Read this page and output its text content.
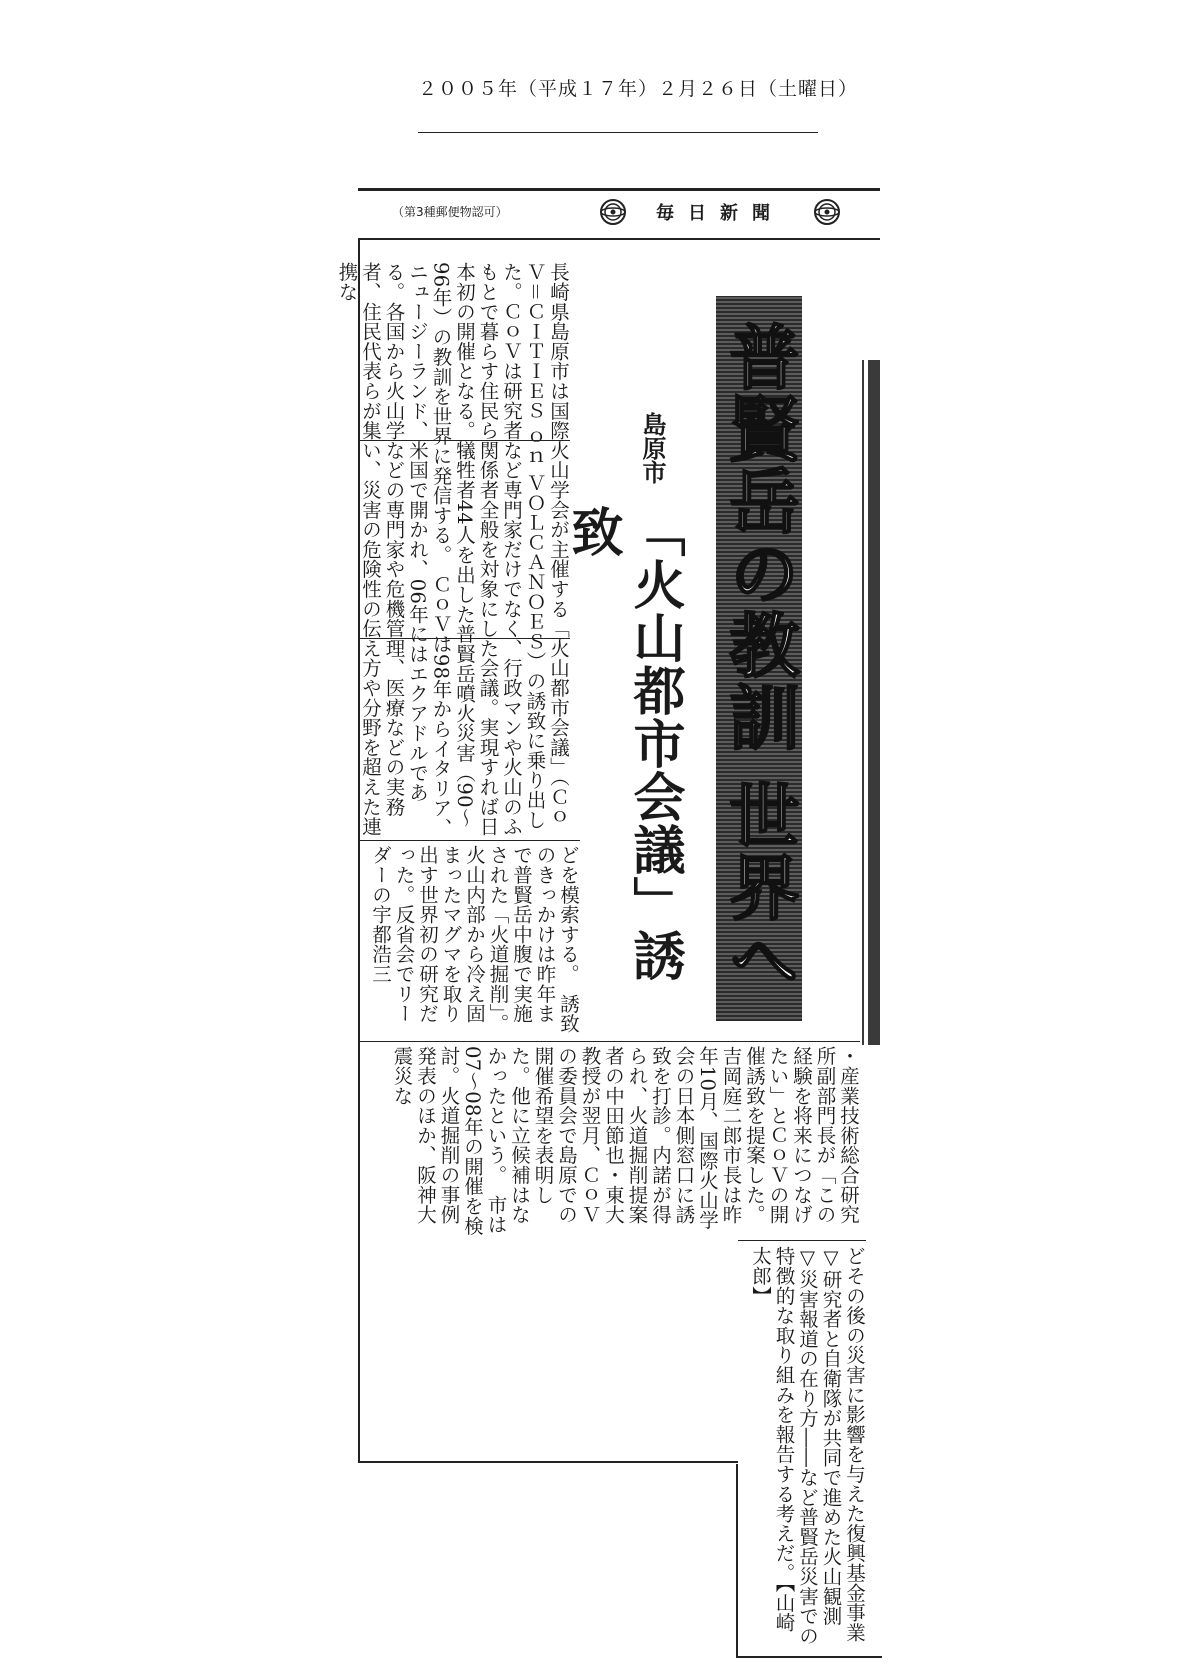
２００５年（平成１７年）２月２６日（土曜日）
（第3種郵便物認可）	毎日新聞
普賢岳の教訓 世界へ
島原市
「火山都市会議」誘致

長崎県島原市は国際火山学会が主催する「火山都市会議」（ＣｏＶ＝ＣＩＴＩＥＳ ｏｎ ＶＯＬＣＡＮＯＥＳ）の誘致に乗り出した。ＣｏＶは研究者など専門家だけでなく、行政マンや火山のふもとで暮らす住民ら関係者全般を対象にした会議。実現すれば日本初の開催となる。犠牲者44人を出した普賢岳噴火災害（90〜96年）の教訓を世界に発信する。　ＣｏＶは98年からイタリア、ニュージーランド、米国で開かれ、06年にはエクアドルである。各国から火山学などの専門家や危機管理、医療などの実務者、住民代表らが集い、災害の危険性の伝え方や分野を超えた連携な

どを模索する。　誘致のきっかけは昨年まで普賢岳中腹で実施された「火道掘削」。火山内部から冷え固まったマグマを取り出す世界初の研究だった。反省会でリーダーの宇都浩三

・産業技術総合研究所副部門長が「この経験を将来につなげたい」とＣｏＶの開催誘致を提案した。　吉岡庭二郎市長は昨年10月、国際火山学会の日本側窓口に誘致を打診。内諾が得られ、火道掘削提案者の中田節也・東大教授が翌月、ＣｏＶの委員会で島原での開催希望を表明した。他に立候補はなかったという。　市は07〜08年の開催を検討。火道掘削の事例発表のほか、阪神大震災な

どその後の災害に影響を与えた復興基金事業▽研究者と自衛隊が共同で進めた火山観測▽災害報道の在り方――など普賢岳災害での特徴的な取り組みを報告する考えだ。【山崎太郎】
